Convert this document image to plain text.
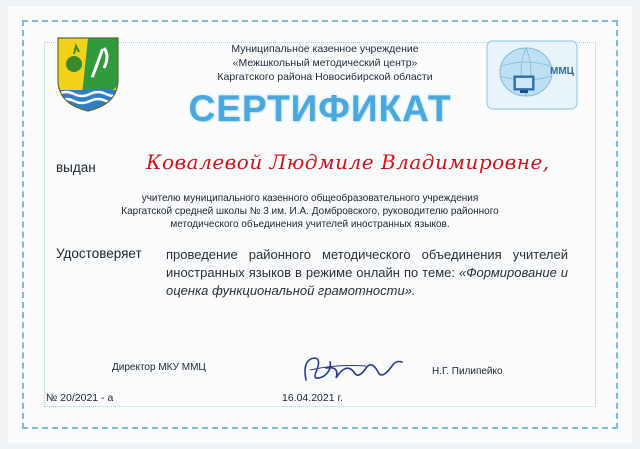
Муниципальное казенное учреждение
«Межшкольный методический центр»
Каргатского района Новосибирской области	ММЦ
СЕРТИФИКАТ
выдан	Ковалевой Людмиле Владимировне,
учителю муниципального казенного общеобразовательного учреждения Каргатской средней школы № 3 им. И.А. Домбровского, руководителю районного методического объединения учителей иностранных языков.
Удостоверяет проведение районного методического объединения учителей иностранных языков в режиме онлайн по теме: «Формирование и оценка функциональной грамотности».
Директор МКУ ММЦ	Н.Г. Пилипейко
№ 20/2021 - а	16.04.2021 г.
